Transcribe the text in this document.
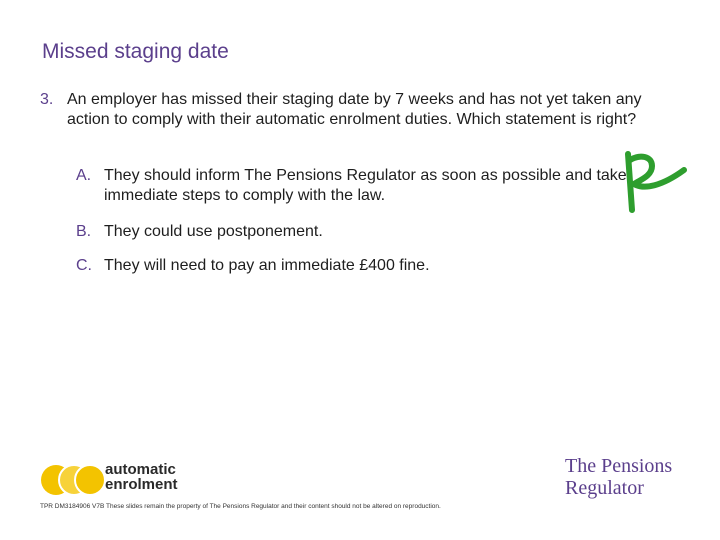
Missed staging date
3. An employer has missed their staging date by 7 weeks and has not yet taken any action to comply with their automatic enrolment duties. Which statement is right?
A. They should inform The Pensions Regulator as soon as possible and take immediate steps to comply with the law.
B. They could use postponement.
C. They will need to pay an immediate £400 fine.
automatic
enrolment
The Pensions
Regulator
TPR DM3184906 V7B These slides remain the property of The Pensions Regulator and their content should not be altered on reproduction.
